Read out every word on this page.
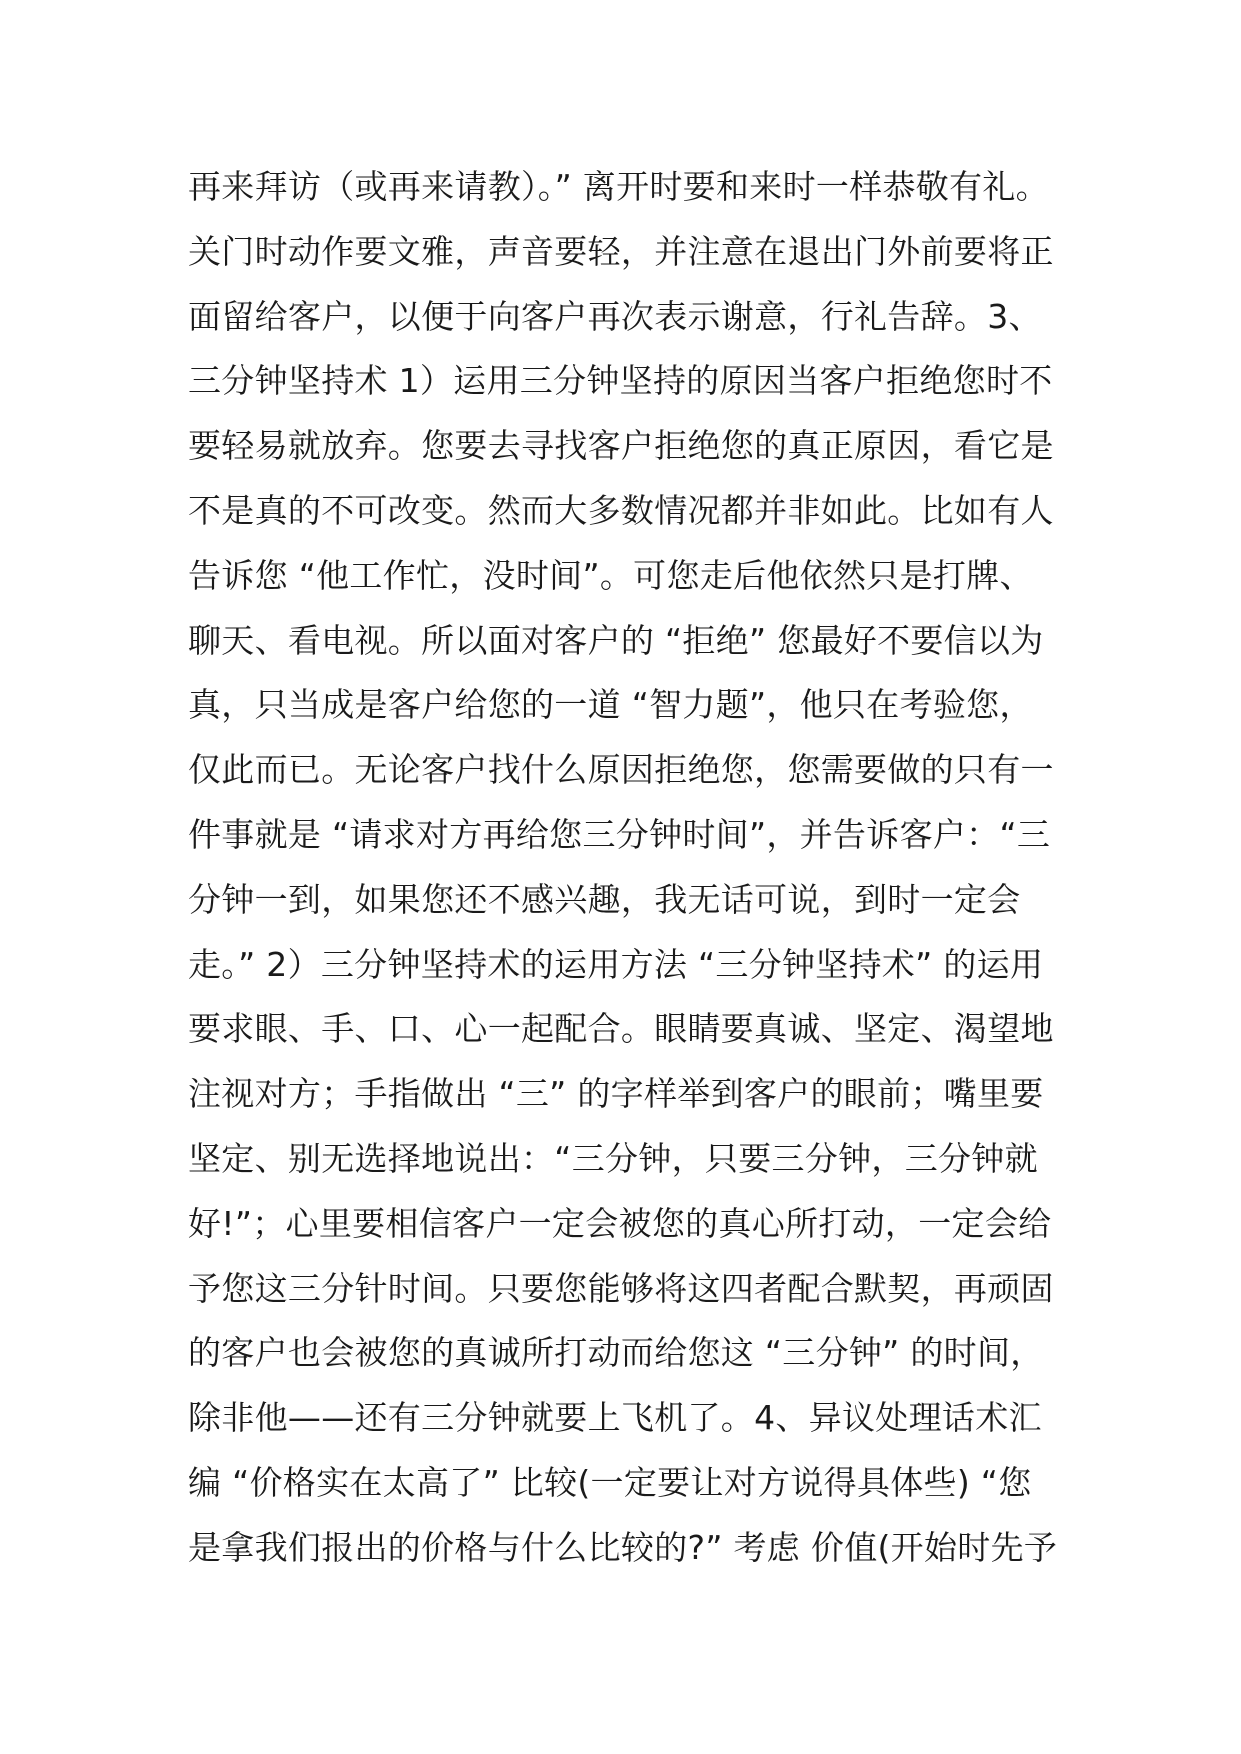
再来拜访（或再来请教）。” 离开时要和来时一样恭敬有礼。
关门时动作要文雅，声音要轻，并注意在退出门外前要将正
面留给客户，以便于向客户再次表示谢意，行礼告辞。3、
三分钟坚持术 1）运用三分钟坚持的原因当客户拒绝您时不
要轻易就放弃。您要去寻找客户拒绝您的真正原因，看它是
不是真的不可改变。然而大多数情况都并非如此。比如有人
告诉您 “他工作忙，没时间”。可您走后他依然只是打牌、
聊天、看电视。所以面对客户的 “拒绝” 您最好不要信以为
真，只当成是客户给您的一道 “智力题”，他只在考验您，
仅此而已。无论客户找什么原因拒绝您，您需要做的只有一
件事就是 “请求对方再给您三分钟时间”，并告诉客户：“三
分钟一到，如果您还不感兴趣，我无话可说，到时一定会
走。” 2）三分钟坚持术的运用方法 “三分钟坚持术” 的运用
要求眼、手、口、心一起配合。眼睛要真诚、坚定、渴望地
注视对方；手指做出 “三” 的字样举到客户的眼前；嘴里要
坚定、别无选择地说出：“三分钟，只要三分钟，三分钟就
好!”；心里要相信客户一定会被您的真心所打动，一定会给
予您这三分针时间。只要您能够将这四者配合默契，再顽固
的客户也会被您的真诚所打动而给您这 “三分钟” 的时间，
除非他——还有三分钟就要上飞机了。4、异议处理话术汇
编 “价格实在太高了” 比较(一定要让对方说得具体些) “您
是拿我们报出的价格与什么比较的?” 考虑 价值(开始时先予
